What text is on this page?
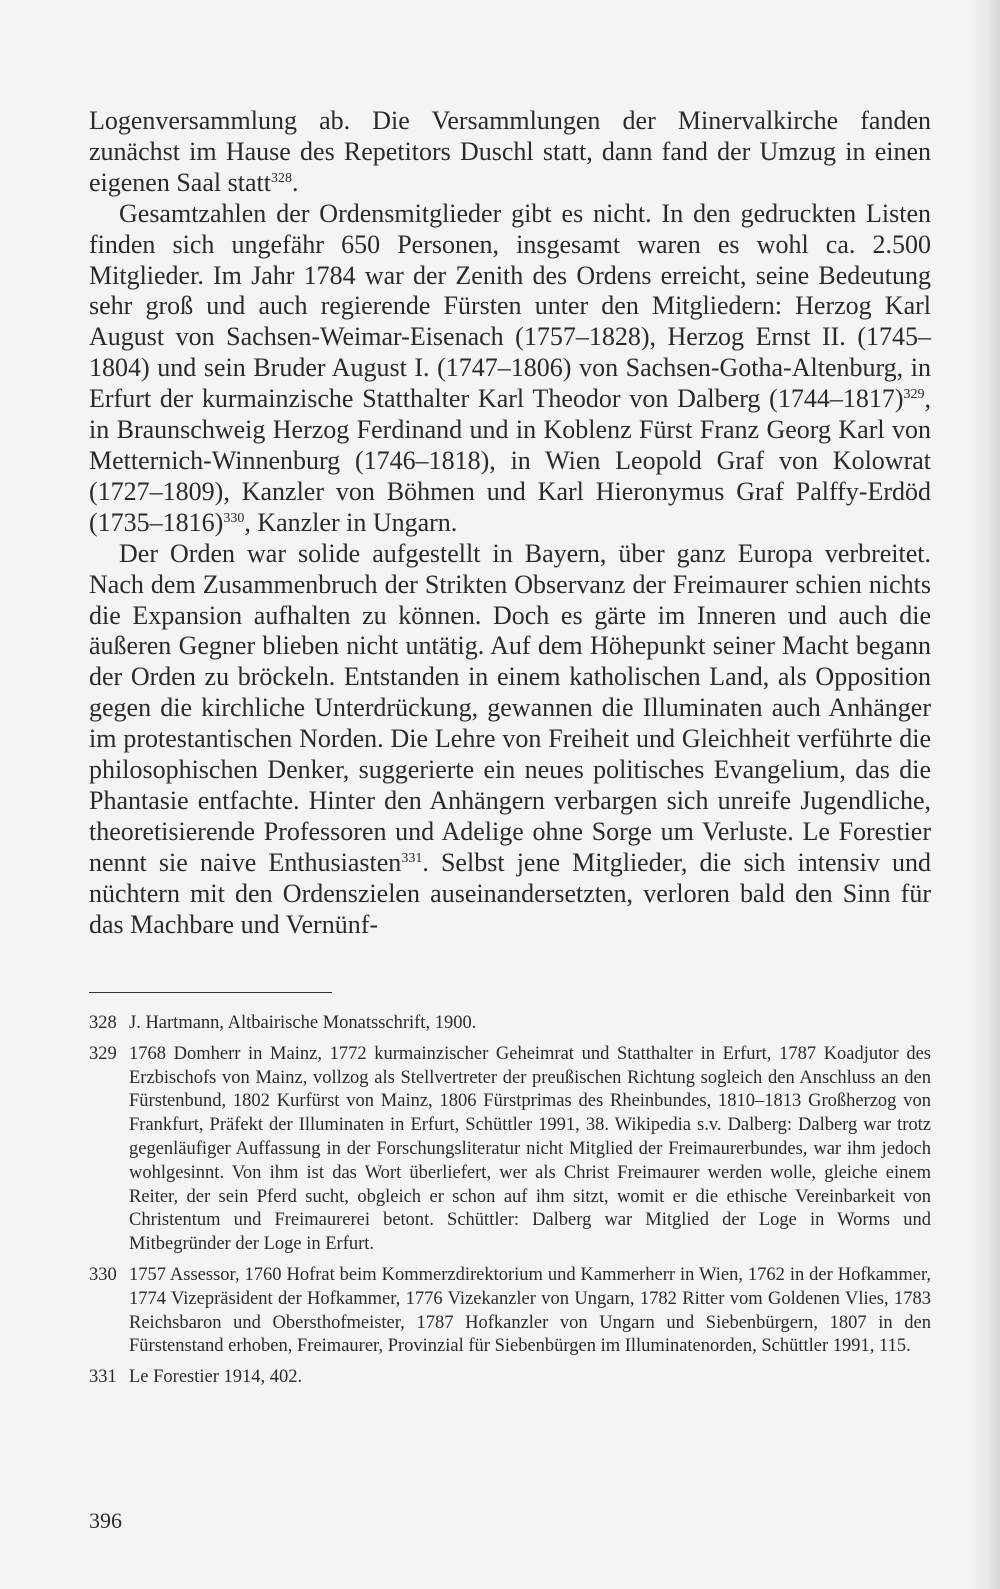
Logenversammlung ab. Die Versammlungen der Minervalkirche fanden zunächst im Hause des Repetitors Duschl statt, dann fand der Umzug in einen eigenen Saal statt$^{328}$.

Gesamtzahlen der Ordensmitglieder gibt es nicht. In den gedruckten Listen finden sich ungefähr 650 Personen, insgesamt waren es wohl ca. 2.500 Mitglieder. Im Jahr 1784 war der Zenith des Ordens erreicht, seine Bedeutung sehr groß und auch regierende Fürsten unter den Mitgliedern: Herzog Karl August von Sachsen-Weimar-Eisenach (1757–1828), Herzog Ernst II. (1745–1804) und sein Bruder August I. (1747–1806) von Sachsen-Gotha-Altenburg, in Erfurt der kurmainzische Statthalter Karl Theodor von Dalberg (1744–1817)$^{329}$, in Braunschweig Herzog Ferdinand und in Koblenz Fürst Franz Georg Karl von Metternich-Winnenburg (1746–1818), in Wien Leopold Graf von Kolowrat (1727–1809), Kanzler von Böhmen und Karl Hieronymus Graf Palffy-Erdöd (1735–1816)$^{330}$, Kanzler in Ungarn.

Der Orden war solide aufgestellt in Bayern, über ganz Europa verbreitet. Nach dem Zusammenbruch der Strikten Observanz der Freimaurer schien nichts die Expansion aufhalten zu können. Doch es gärte im Inneren und auch die äußeren Gegner blieben nicht untätig. Auf dem Höhepunkt seiner Macht begann der Orden zu bröckeln. Entstanden in einem katholischen Land, als Opposition gegen die kirchliche Unterdrückung, gewannen die Illuminaten auch Anhänger im protestantischen Norden. Die Lehre von Freiheit und Gleichheit verführte die philosophischen Denker, suggerierte ein neues politisches Evangelium, das die Phantasie entfachte. Hinter den Anhängern verbargen sich unreife Jugendliche, theoretisierende Professoren und Adelige ohne Sorge um Verluste. Le Forestier nennt sie naive Enthusiasten$^{331}$. Selbst jene Mitglieder, die sich intensiv und nüchtern mit den Ordenszielen auseinandersetzten, verloren bald den Sinn für das Machbare und Vernünf-

328 J. Hartmann, Altbairische Monatsschrift, 1900.
329 1768 Domherr in Mainz, 1772 kurmainzischer Geheimrat und Statthalter in Erfurt, 1787 Koadjutor des Erzbischofs von Mainz, vollzog als Stellvertreter der preußischen Richtung sogleich den Anschluss an den Fürstenbund, 1802 Kurfürst von Mainz, 1806 Fürstprimas des Rheinbundes, 1810–1813 Großherzog von Frankfurt, Präfekt der Illuminaten in Erfurt, Schüttler 1991, 38. Wikipedia s.v. Dalberg: Dalberg war trotz gegenläufiger Auffassung in der Forschungsliteratur nicht Mitglied der Freimaurerbundes, war ihm jedoch wohlgesinnt. Von ihm ist das Wort überliefert, wer als Christ Freimaurer werden wolle, gleiche einem Reiter, der sein Pferd sucht, obgleich er schon auf ihm sitzt, womit er die ethische Vereinbarkeit von Christentum und Freimaurerei betont. Schüttler: Dalberg war Mitglied der Loge in Worms und Mitbegründer der Loge in Erfurt.
330 1757 Assessor, 1760 Hofrat beim Kommerzdirektorium und Kammerherr in Wien, 1762 in der Hofkammer, 1774 Vizepräsident der Hofkammer, 1776 Vizekanzler von Ungarn, 1782 Ritter vom Goldenen Vlies, 1783 Reichsbaron und Obersthofmeister, 1787 Hofkanzler von Ungarn und Siebenbürgern, 1807 in den Fürstenstand erhoben, Freimaurer, Provinzial für Siebenbürgen im Illuminatenorden, Schüttler 1991, 115.
331 Le Forestier 1914, 402.
396
